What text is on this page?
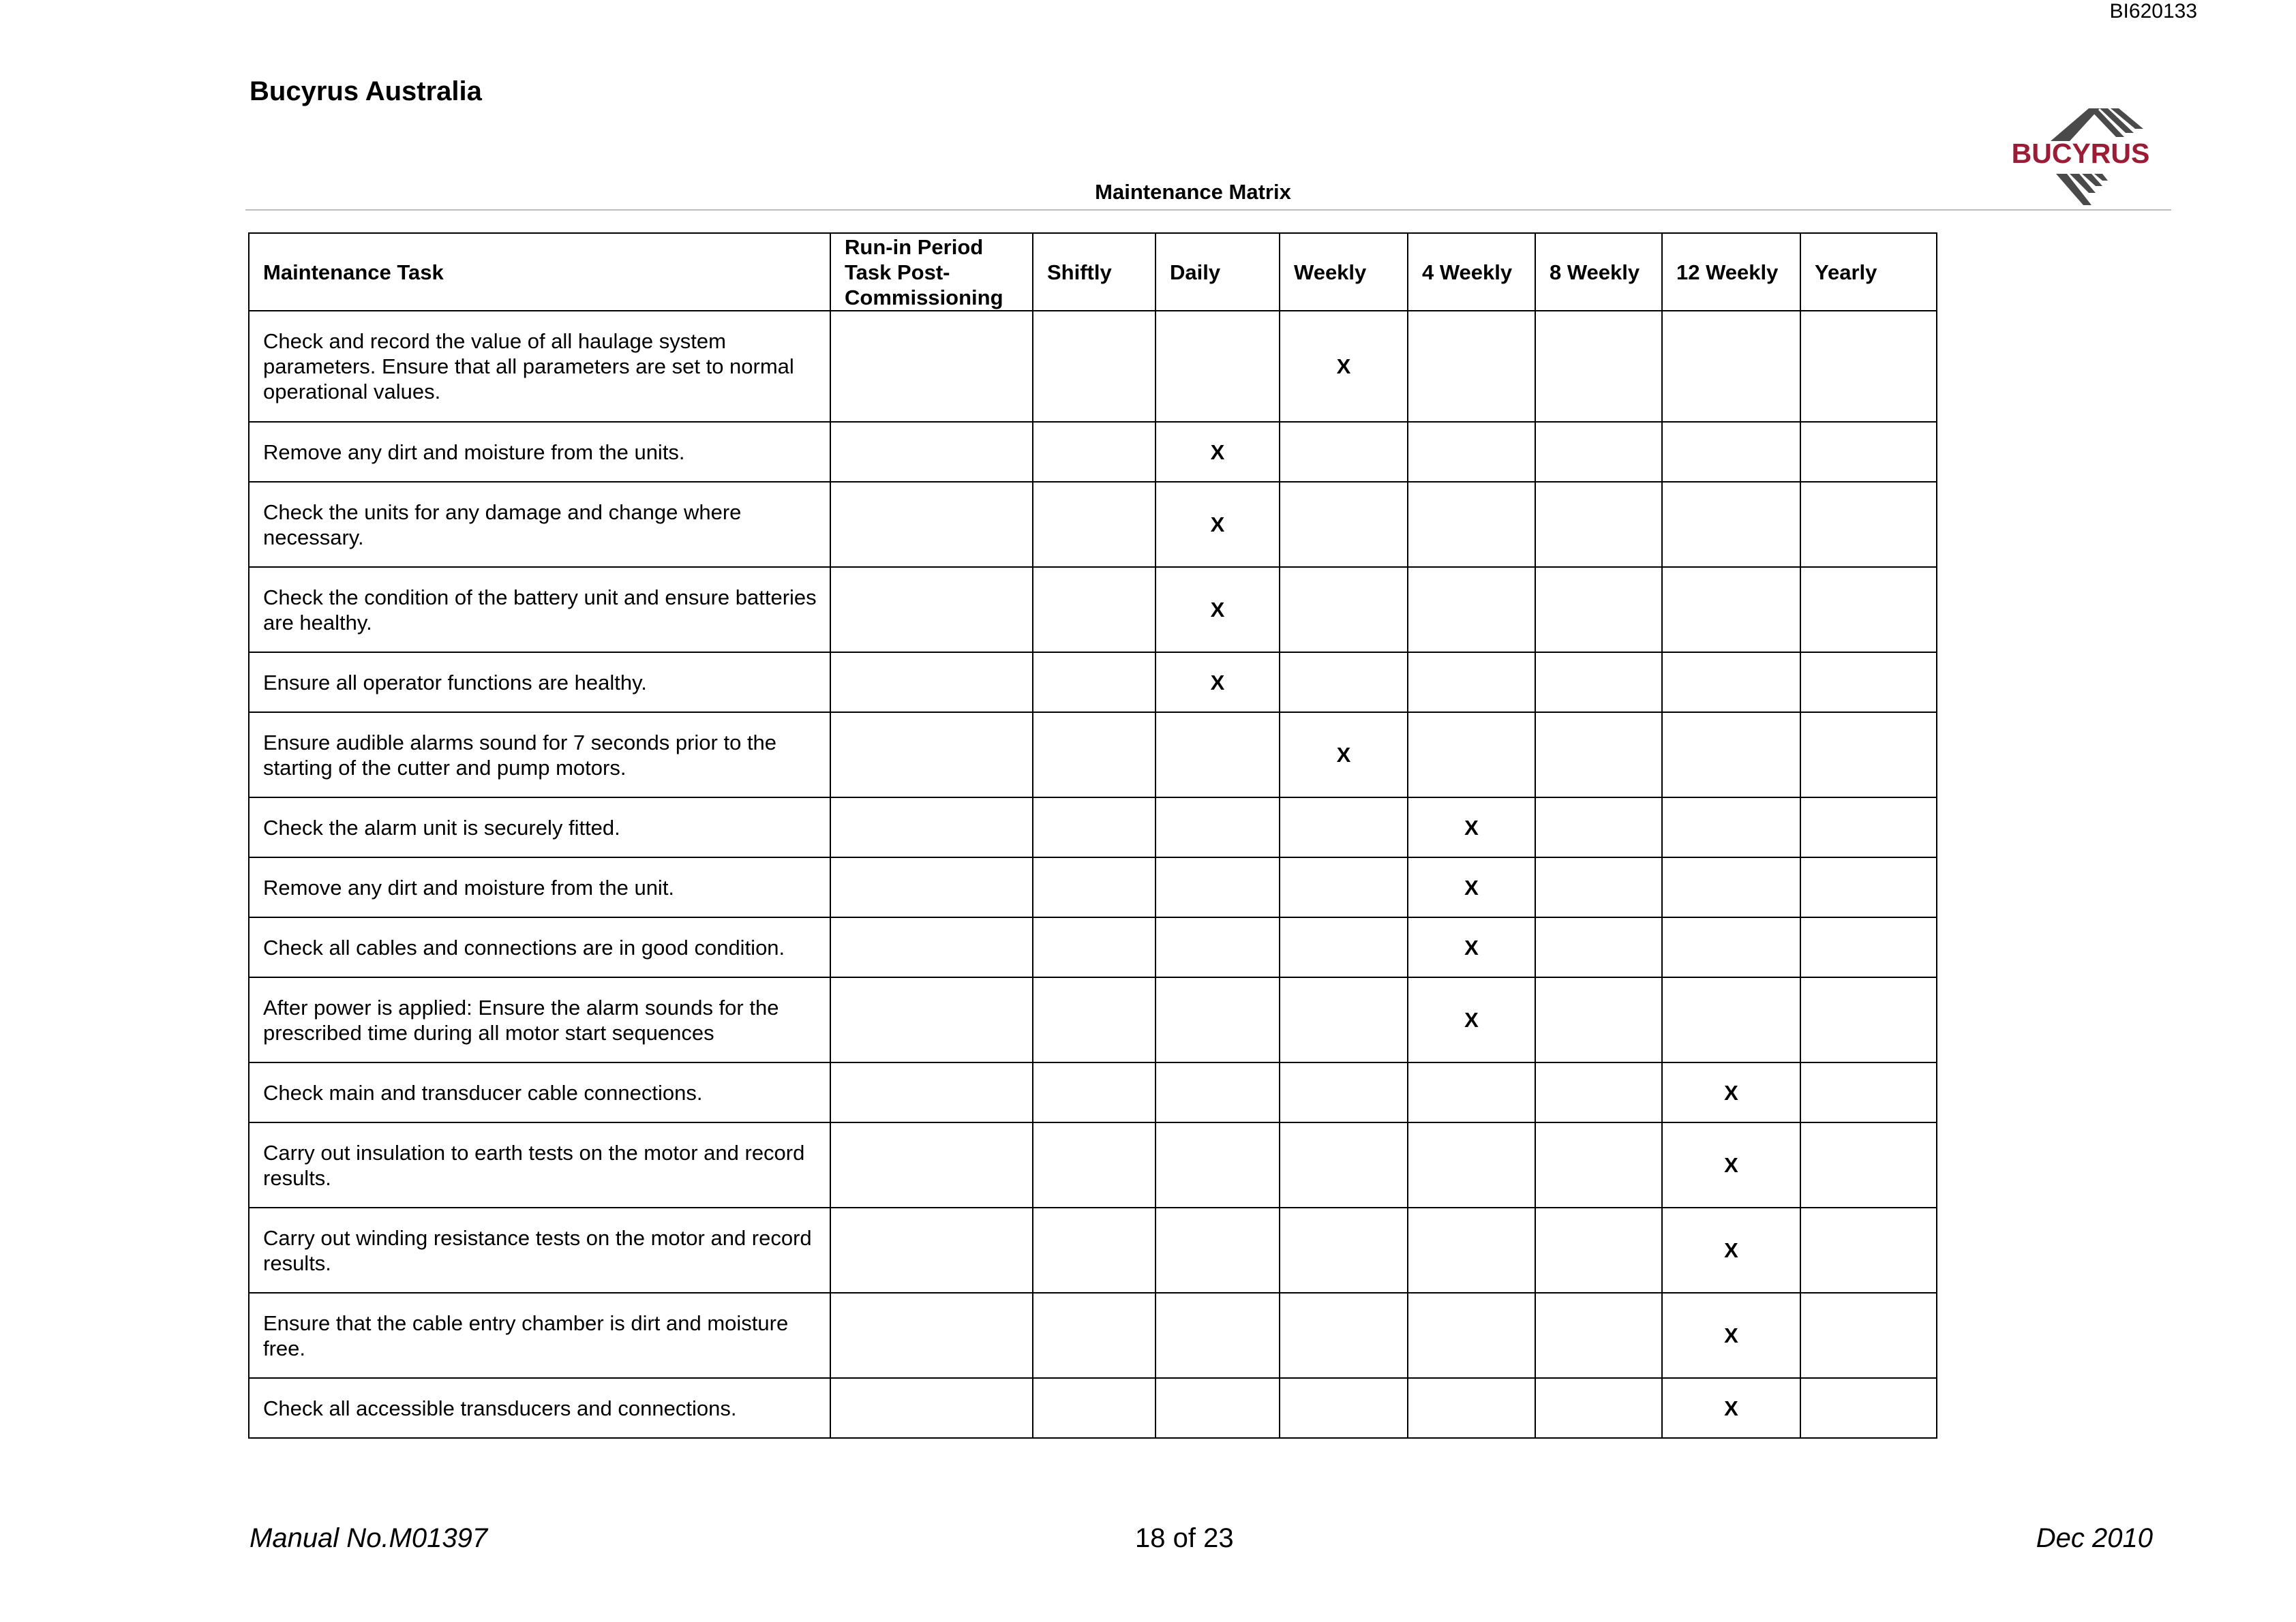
BI620133
Bucyrus Australia
BUCYRUS
Maintenance Matrix
Maintenance Task	Run-in Period Task Post-Commissioning	Shiftly	Daily	Weekly	4 Weekly	8 Weekly	12 Weekly	Yearly
Check and record the value of all haulage system parameters. Ensure that all parameters are set to normal operational values.				X				
Remove any dirt and moisture from the units.			X					
Check the units for any damage and change where necessary.			X					
Check the condition of the battery unit and ensure batteries are healthy.			X					
Ensure all operator functions are healthy.			X					
Ensure audible alarms sound for 7 seconds prior to the starting of the cutter and pump motors.				X				
Check the alarm unit is securely fitted.					X			
Remove any dirt and moisture from the unit.					X			
Check all cables and connections are in good condition.					X			
After power is applied: Ensure the alarm sounds for the prescribed time during all motor start sequences					X			
Check main and transducer cable connections.							X	
Carry out insulation to earth tests on the motor and record results.							X	
Carry out winding resistance tests on the motor and record results.							X	
Ensure that the cable entry chamber is dirt and moisture free.							X	
Check all accessible transducers and connections.							X	
Manual No.M01397	18 of 23	Dec 2010
